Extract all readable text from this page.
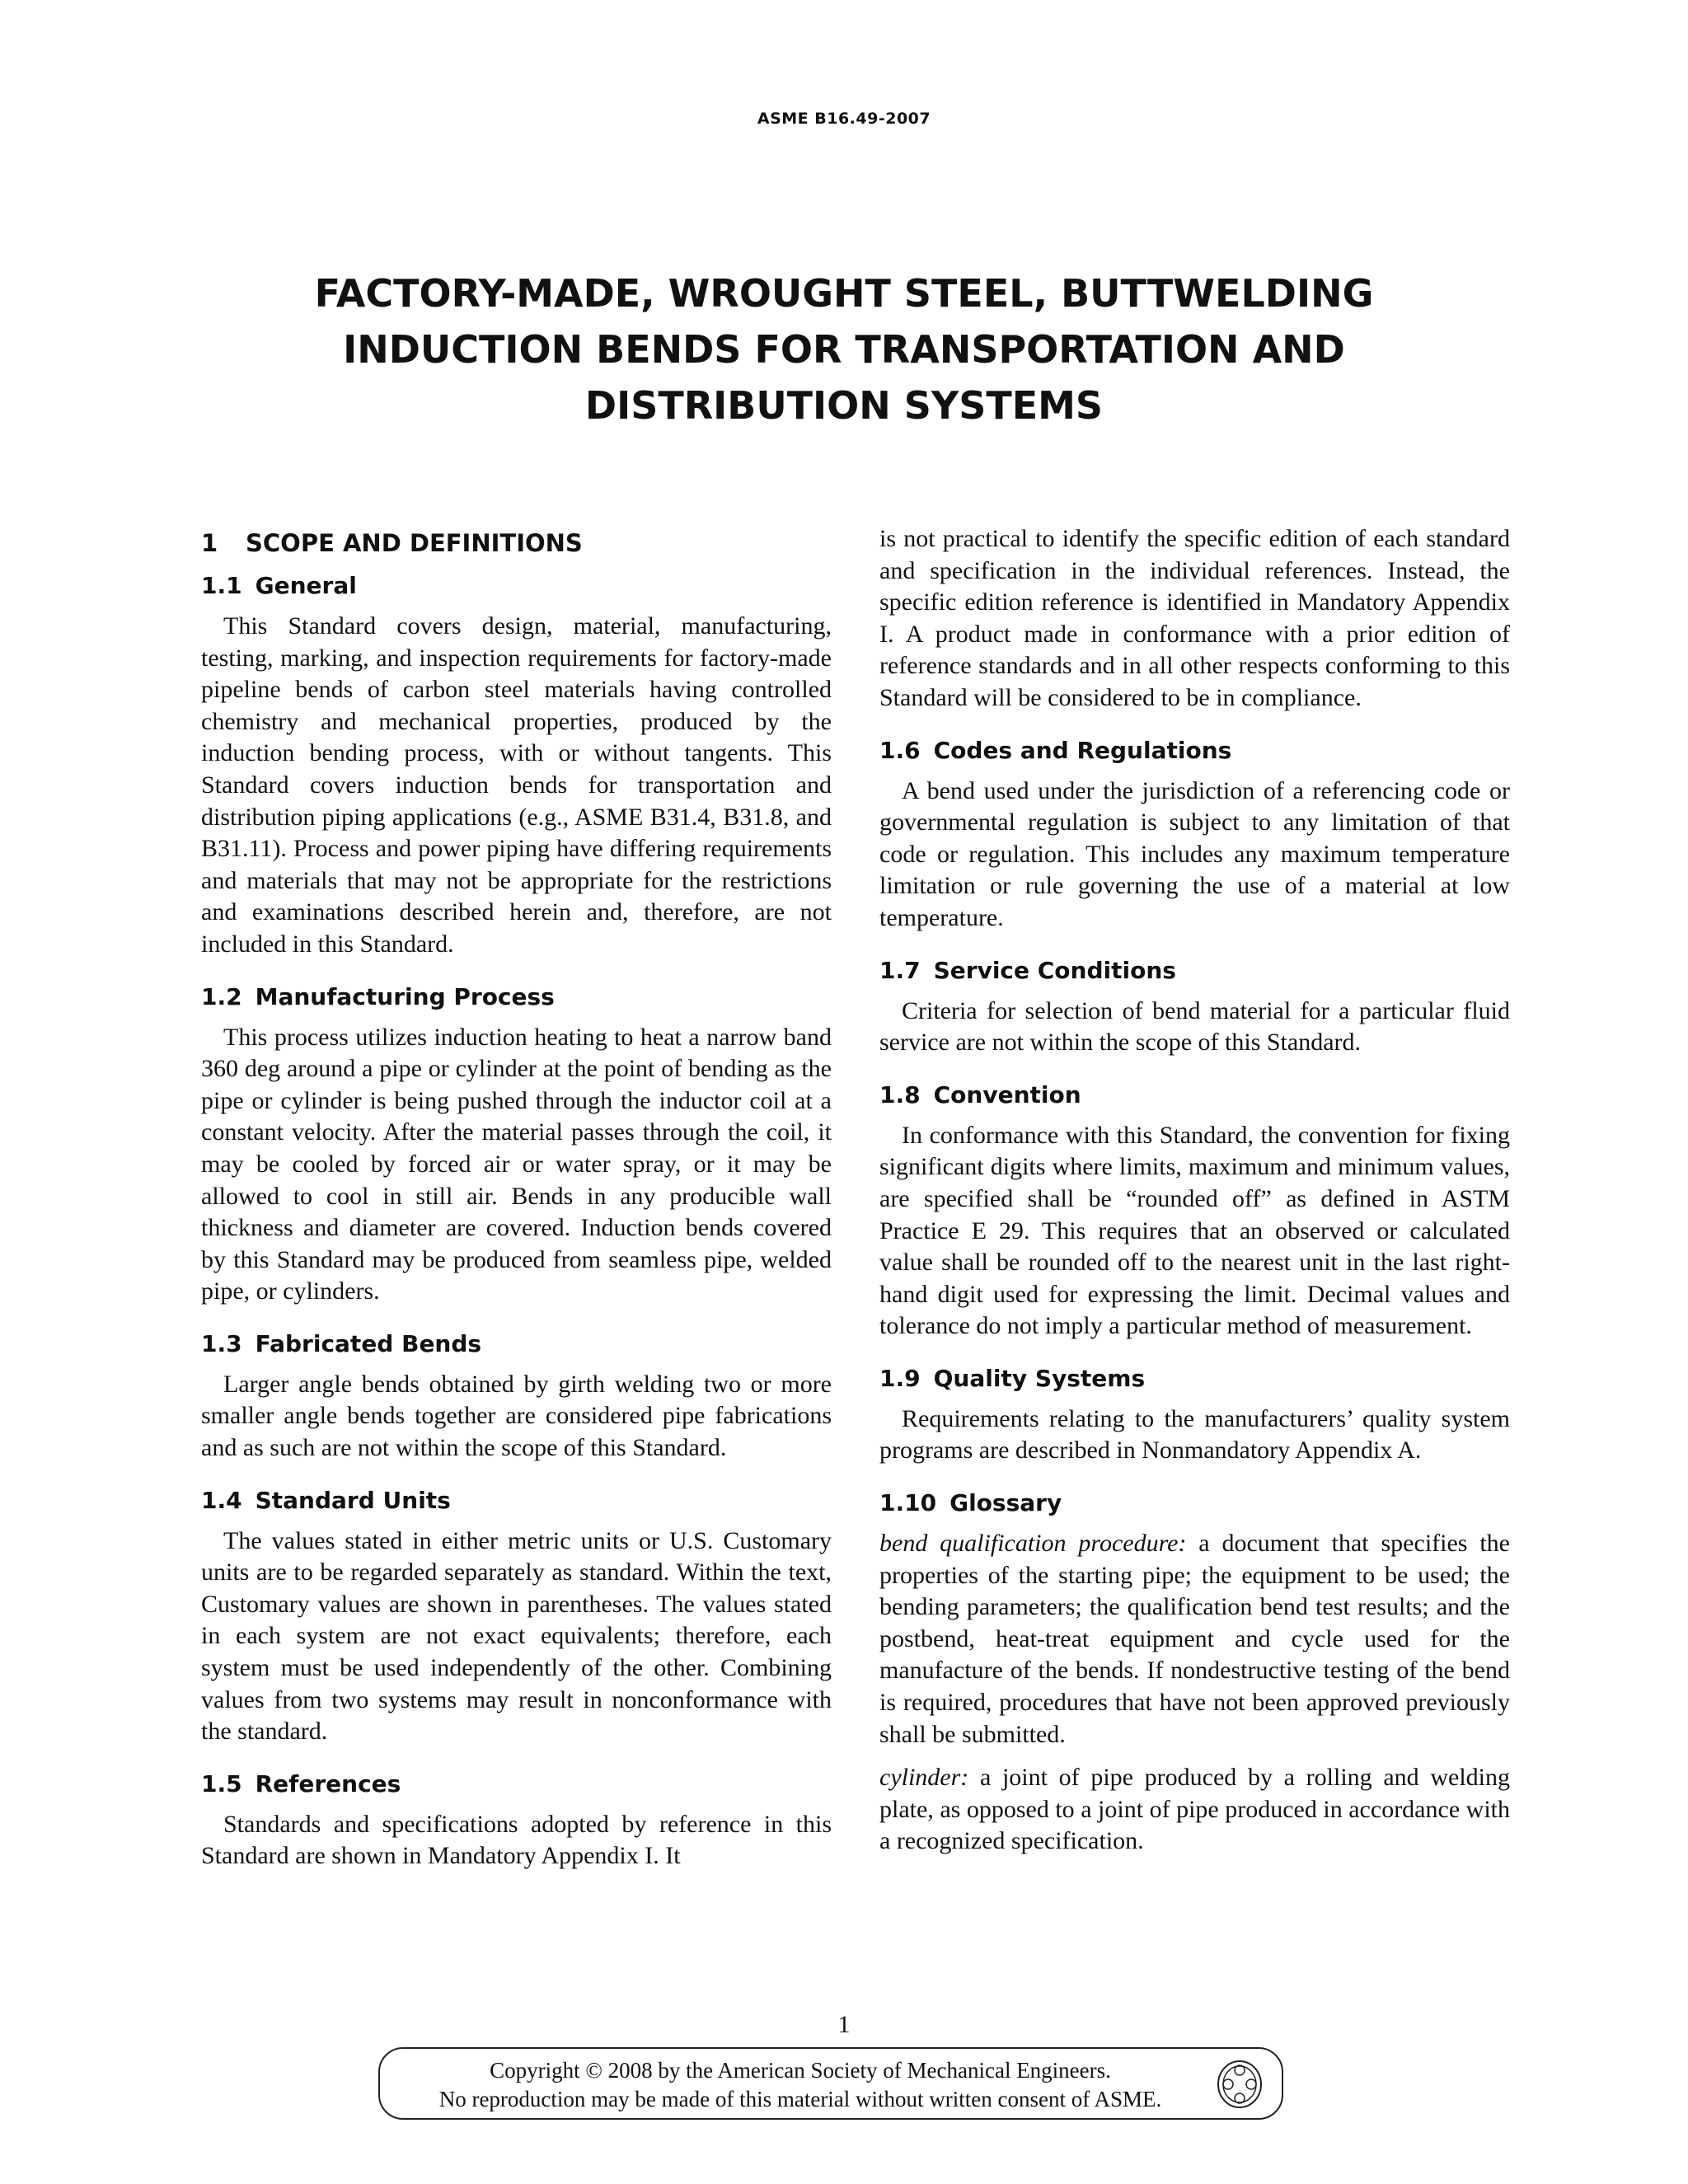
ASME B16.49-2007
FACTORY-MADE, WROUGHT STEEL, BUTTWELDING
INDUCTION BENDS FOR TRANSPORTATION AND
DISTRIBUTION SYSTEMS
1 SCOPE AND DEFINITIONS
1.1 General

This Standard covers design, material, manufacturing, testing, marking, and inspection requirements for factory-made pipeline bends of carbon steel materials having controlled chemistry and mechanical properties, produced by the induction bending process, with or without tangents. This Standard covers induction bends for transportation and distribution piping applications (e.g., ASME B31.4, B31.8, and B31.11). Process and power piping have differing requirements and materials that may not be appropriate for the restrictions and examinations described herein and, therefore, are not included in this Standard.

1.2 Manufacturing Process

This process utilizes induction heating to heat a narrow band 360 deg around a pipe or cylinder at the point of bending as the pipe or cylinder is being pushed through the inductor coil at a constant velocity. After the material passes through the coil, it may be cooled by forced air or water spray, or it may be allowed to cool in still air. Bends in any producible wall thickness and diameter are covered. Induction bends covered by this Standard may be produced from seamless pipe, welded pipe, or cylinders.

1.3 Fabricated Bends

Larger angle bends obtained by girth welding two or more smaller angle bends together are considered pipe fabrications and as such are not within the scope of this Standard.

1.4 Standard Units

The values stated in either metric units or U.S. Customary units are to be regarded separately as standard. Within the text, Customary values are shown in parentheses. The values stated in each system are not exact equivalents; therefore, each system must be used independently of the other. Combining values from two systems may result in nonconformance with the standard.

1.5 References

Standards and specifications adopted by reference in this Standard are shown in Mandatory Appendix I. It

is not practical to identify the specific edition of each standard and specification in the individual references. Instead, the specific edition reference is identified in Mandatory Appendix I. A product made in conformance with a prior edition of reference standards and in all other respects conforming to this Standard will be considered to be in compliance.

1.6 Codes and Regulations

A bend used under the jurisdiction of a referencing code or governmental regulation is subject to any limitation of that code or regulation. This includes any maximum temperature limitation or rule governing the use of a material at low temperature.

1.7 Service Conditions

Criteria for selection of bend material for a particular fluid service are not within the scope of this Standard.

1.8 Convention

In conformance with this Standard, the convention for fixing significant digits where limits, maximum and minimum values, are specified shall be “rounded off” as defined in ASTM Practice E 29. This requires that an observed or calculated value shall be rounded off to the nearest unit in the last right-hand digit used for expressing the limit. Decimal values and tolerance do not imply a particular method of measurement.

1.9 Quality Systems

Requirements relating to the manufacturers’ quality system programs are described in Nonmandatory Appendix A.

1.10 Glossary

bend qualification procedure: a document that specifies the properties of the starting pipe; the equipment to be used; the bending parameters; the qualification bend test results; and the postbend, heat-treat equipment and cycle used for the manufacture of the bends. If nondestructive testing of the bend is required, procedures that have not been approved previously shall be submitted.

cylinder: a joint of pipe produced by a rolling and welding plate, as opposed to a joint of pipe produced in accordance with a recognized specification.

1
Copyright © 2008 by the American Society of Mechanical Engineers.
No reproduction may be made of this material without written consent of ASME.
